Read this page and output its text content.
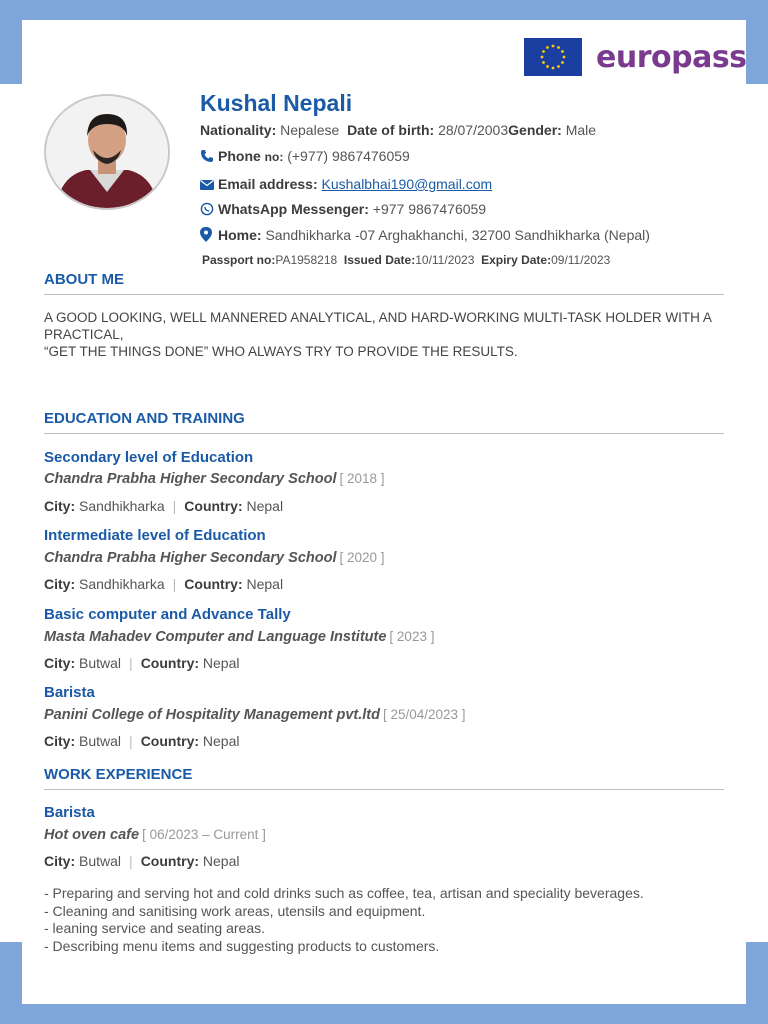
europass
Kushal Nepali
Nationality: Nepalese Date of birth: 28/07/2003Gender: Male
Phone no: (+977) 9867476059
Email address: Kushalbhai190@gmail.com
WhatsApp Messenger: +977 9867476059
Home: Sandhikharka -07 Arghakhanchi, 32700 Sandhikharka (Nepal)
Passport no:PA1958218 Issued Date:10/11/2023 Expiry Date:09/11/2023
ABOUT ME
A GOOD LOOKING, WELL MANNERED ANALYTICAL, AND HARD-WORKING MULTI-TASK HOLDER WITH A PRACTICAL,
“GET THE THINGS DONE” WHO ALWAYS TRY TO PROVIDE THE RESULTS.
EDUCATION AND TRAINING
Secondary level of Education
Chandra Prabha Higher Secondary School [ 2018 ]
City: Sandhikharka | Country: Nepal
Intermediate level of Education
Chandra Prabha Higher Secondary School [ 2020 ]
City: Sandhikharka | Country: Nepal
Basic computer and Advance Tally
Masta Mahadev Computer and Language Institute [ 2023 ]
City: Butwal | Country: Nepal
Barista
Panini College of Hospitality Management pvt.ltd [ 25/04/2023 ]
City: Butwal | Country: Nepal
WORK EXPERIENCE
Barista
Hot oven cafe [ 06/2023 – Current ]
City: Butwal | Country: Nepal
- Preparing and serving hot and cold drinks such as coffee, tea, artisan and speciality beverages.
- Cleaning and sanitising work areas, utensils and equipment.
- leaning service and seating areas.
- Describing menu items and suggesting products to customers.
